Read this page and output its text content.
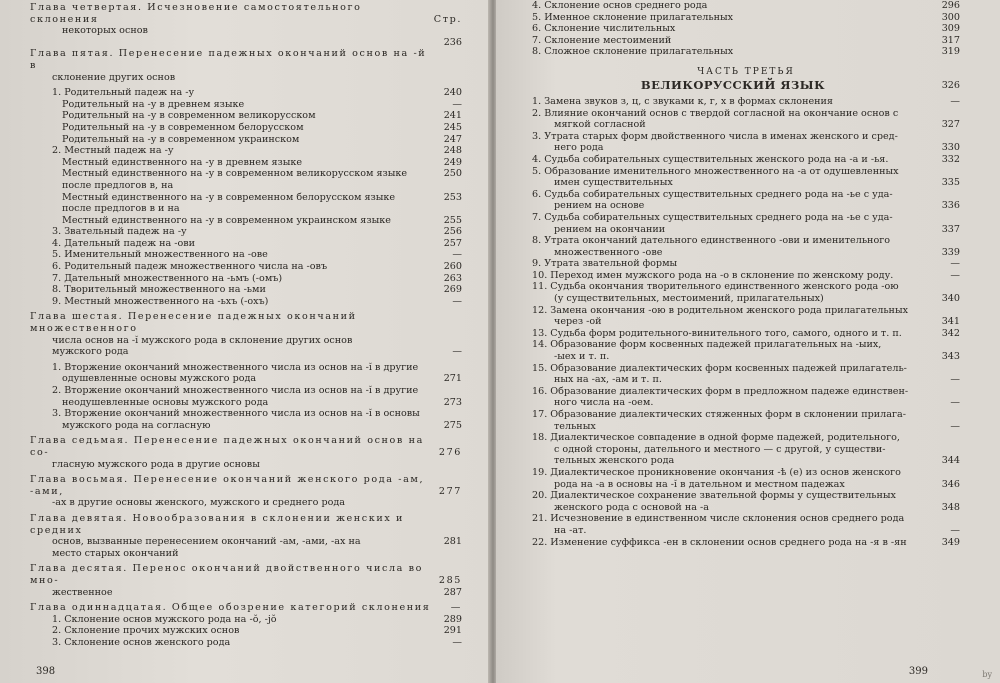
Глава четвертая. Исчезновение самостоятельного склонения	Стр.
некоторых основ
236
Глава пятая. Перенесение падежных окончаний основ на -й в
склонение других основ
1. Родительный падеж на -у	240
Родительный на -у в древнем языке	—
Родительный на -у в современном великорусском	241
Родительный на -у в современном белорусском	245
Родительный на -у в современном украинском	247
2. Местный падеж на -у	248
Местный единственного на -у в древнем языке	249
Местный единственного на -у в современном великорусском языке	250
после предлогов в, на
Местный единственного на -у в современном белорусском языке	253
после предлогов в и на
Местный единственного на -у в современном украинском языке	255
3. Звательный падеж на -у	256
4. Дательный падеж на -ови	257
5. Именительный множественного на -ове	—
6. Родительный падеж множественного числа на -овъ	260
7. Дательный множественного на -ьмъ (-омъ)	263
8. Творительный множественного на -ьми	269
9. Местный множественного на -ьхъ (-охъ)	—
Глава шестая. Перенесение падежных окончаний множественного
числа основ на -ĭ мужского рода в склонение других основ
мужского рода	—
1. Вторжение окончаний множественного числа из основ на -ĭ в другие
одушевленные основы мужского рода	271
2. Вторжение окончаний множественного числа из основ на -ĭ в другие
неодушевленные основы мужского рода	273
3. Вторжение окончаний множественного числа из основ на -ĭ в основы
мужского рода на согласную	275
Глава седьмая. Перенесение падежных окончаний основ на со-	276
гласную мужского рода в другие основы
Глава восьмая. Перенесение окончаний женского рода -ам, -ами,	277
-ах в другие основы женского, мужского и среднего рода
Глава девятая. Новообразования в склонении женских и средних
основ, вызванные перенесением окончаний -ам, -ами, -ах на	281
место старых окончаний
Глава десятая. Перенос окончаний двойственного числа во мно-	285
жественное	287
Глава одиннадцатая. Общее обозрение категорий склонения	—
1. Склонение основ мужского рода на -ŏ, -jŏ	289
2. Склонение прочих мужских основ	291
3. Склонение основ женского рода	—
398
4. Склонение основ среднего рода	296
5. Именное склонение прилагательных	300
6. Склонение числительных	309
7. Склонение местоимений	317
8. Сложное склонение прилагательных	319
ЧАСТЬ ТРЕТЬЯ
ВЕЛИКОРУССКИЙ ЯЗЫК	326
1. Замена звуков з, ц, с звуками к, г, х в формах склонения	—
2. Влияние окончаний основ с твердой согласной на окончание основ с
мягкой согласной	327
3. Утрата старых форм двойственного числа в именах женского и сред-
него рода	330
4. Судьба собирательных существительных женского рода на -а и -ья.	332
5. Образование именительного множественного на -а от одушевленных
имен существительных	335
6. Судьба собирательных существительных среднего рода на -ье с уда-
рением на основе	336
7. Судьба собирательных существительных среднего рода на -ье с уда-
рением на окончании	337
8. Утрата окончаний дательного единственного -ови и именительного
множественного -ове	339
9. Утрата звательной формы	—
10. Переход имен мужского рода на -о в склонение по женскому роду.	—
11. Судьба окончания творительного единственного женского рода -ою
(у существительных, местоимений, прилагательных)	340
12. Замена окончания -ою в родительном женского рода прилагательных
через -ой	341
13. Судьба форм родительного-винительного того, самого, одного и т. п.	342
14. Образование форм косвенных падежей прилагательных на -ыих,
-ыех и т. п.	343
15. Образование диалектических форм косвенных падежей прилагатель-
ных на -ах, -ам и т. п.	—
16. Образование диалектических форм в предложном падеже единствен-
ного числа на -оем.	—
17. Образование диалектических стяженных форм в склонении прилага-
тельных	—
18. Диалектическое совпадение в одной форме падежей, родительного,
с одной стороны, дательного и местного — с другой, у существи-
тельных женского рода	344
19. Диалектическое проникновение окончания -ѣ (е) из основ женского
рода на -а в основы на -ĭ в дательном и местном падежах	346
20. Диалектическое сохранение звательной формы у существительных
женского рода с основой на -а	348
21. Исчезновение в единственном числе склонения основ среднего рода
на -ат.	—
22. Изменение суффикса -ен в склонении основ среднего рода на -я в -ян	349
399	by
